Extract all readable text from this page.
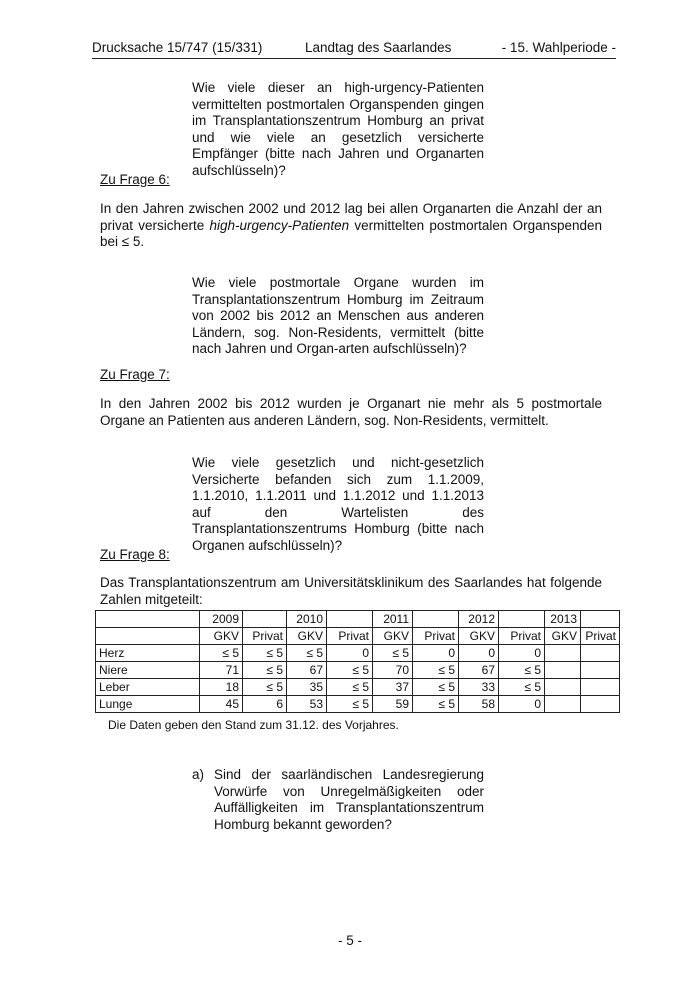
Drucksache 15/747 (15/331)	Landtag des Saarlandes	- 15. Wahlperiode -
Wie viele dieser an high-urgency-Patienten vermittelten postmortalen Organspenden gingen im Transplantationszentrum Homburg an privat und wie viele an gesetzlich versicherte Empfänger (bitte nach Jahren und Organarten aufschlüsseln)?
Zu Frage 6:
In den Jahren zwischen 2002 und 2012 lag bei allen Organarten die Anzahl der an privat versicherte high-urgency-Patienten vermittelten postmortalen Organspenden bei ≤ 5.
Wie viele postmortale Organe wurden im Transplantationszentrum Homburg im Zeitraum von 2002 bis 2012 an Menschen aus anderen Ländern, sog. Non-Residents, vermittelt (bitte nach Jahren und Organ-arten aufschlüsseln)?
Zu Frage 7:
In den Jahren 2002 bis 2012 wurden je Organart nie mehr als 5 postmortale Organe an Patienten aus anderen Ländern, sog. Non-Residents, vermittelt.
Wie viele gesetzlich und nicht-gesetzlich Versicherte befanden sich zum 1.1.2009, 1.1.2010, 1.1.2011 und 1.1.2012 und 1.1.2013 auf den Wartelisten des Transplantationszentrums Homburg (bitte nach Organen aufschlüsseln)?
Zu Frage 8:
Das Transplantationszentrum am Universitätsklinikum des Saarlandes hat folgende Zahlen mitgeteilt:
	2009		2010		2011		2012		2013	
	GKV	Privat	GKV	Privat	GKV	Privat	GKV	Privat	GKV	Privat
Herz	≤ 5	≤ 5	≤ 5	0	≤ 5	0	0	0		
Niere	71	≤ 5	67	≤ 5	70	≤ 5	67	≤ 5		
Leber	18	≤ 5	35	≤ 5	37	≤ 5	33	≤ 5		
Lunge	45	6	53	≤ 5	59	≤ 5	58	0		
Die Daten geben den Stand zum 31.12. des Vorjahres.
a) Sind der saarländischen Landesregierung Vorwürfe von Unregelmäßigkeiten oder Auffälligkeiten im Transplantationszentrum Homburg bekannt geworden?
- 5 -
